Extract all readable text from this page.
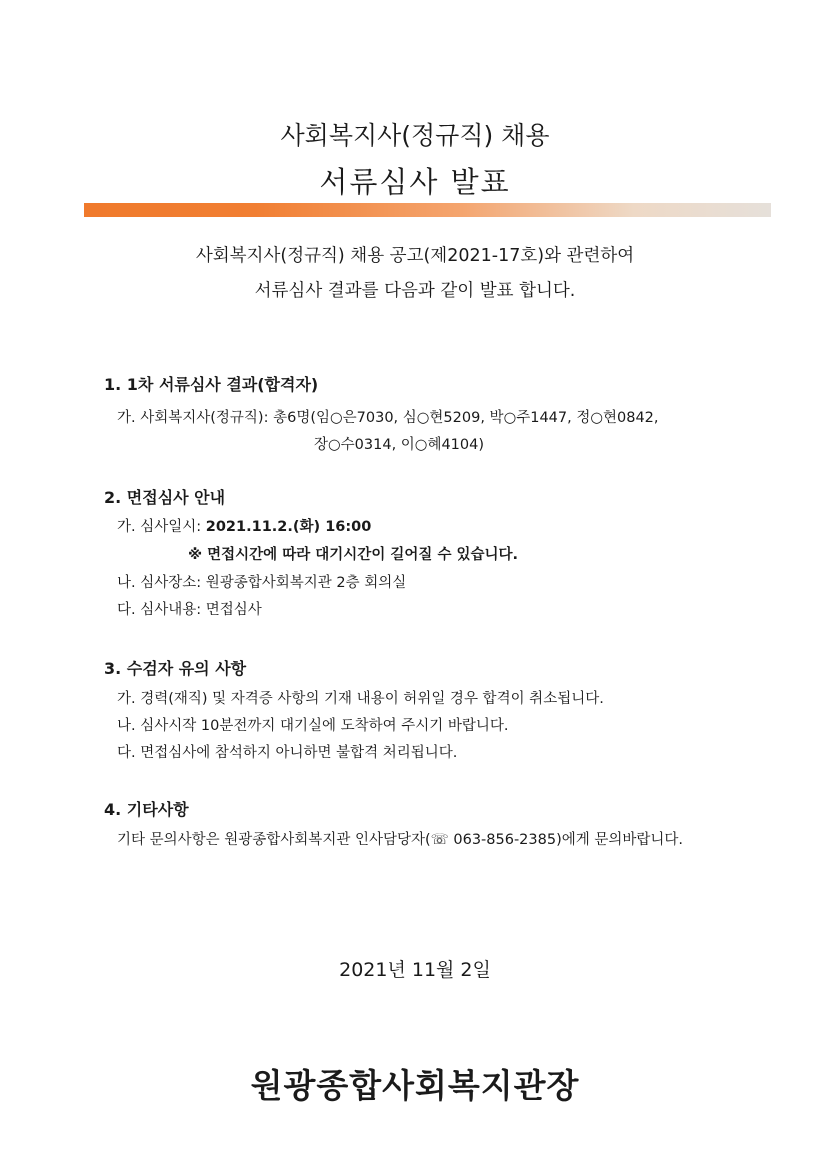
사회복지사(정규직) 채용
서류심사 발표
사회복지사(정규직) 채용 공고(제2021-17호)와 관련하여
서류심사 결과를 다음과 같이 발표 합니다.
1. 1차 서류심사 결과(합격자)
가. 사회복지사(정규직): 총6명(임○은7030, 심○현5209, 박○주1447, 정○현0842,
장○수0314, 이○혜4104)
2. 면접심사 안내
가. 심사일시: 2021.11.2.(화) 16:00
※ 면접시간에 따라 대기시간이 길어질 수 있습니다.
나. 심사장소: 원광종합사회복지관 2층 회의실
다. 심사내용: 면접심사
3. 수검자 유의 사항
가. 경력(재직) 및 자격증 사항의 기재 내용이 허위일 경우 합격이 취소됩니다.
나. 심사시작 10분전까지 대기실에 도착하여 주시기 바랍니다.
다. 면접심사에 참석하지 아니하면 불합격 처리됩니다.
4. 기타사항
기타 문의사항은 원광종합사회복지관 인사담당자(☏ 063-856-2385)에게 문의바랍니다.
2021년 11월 2일
원광종합사회복지관장
